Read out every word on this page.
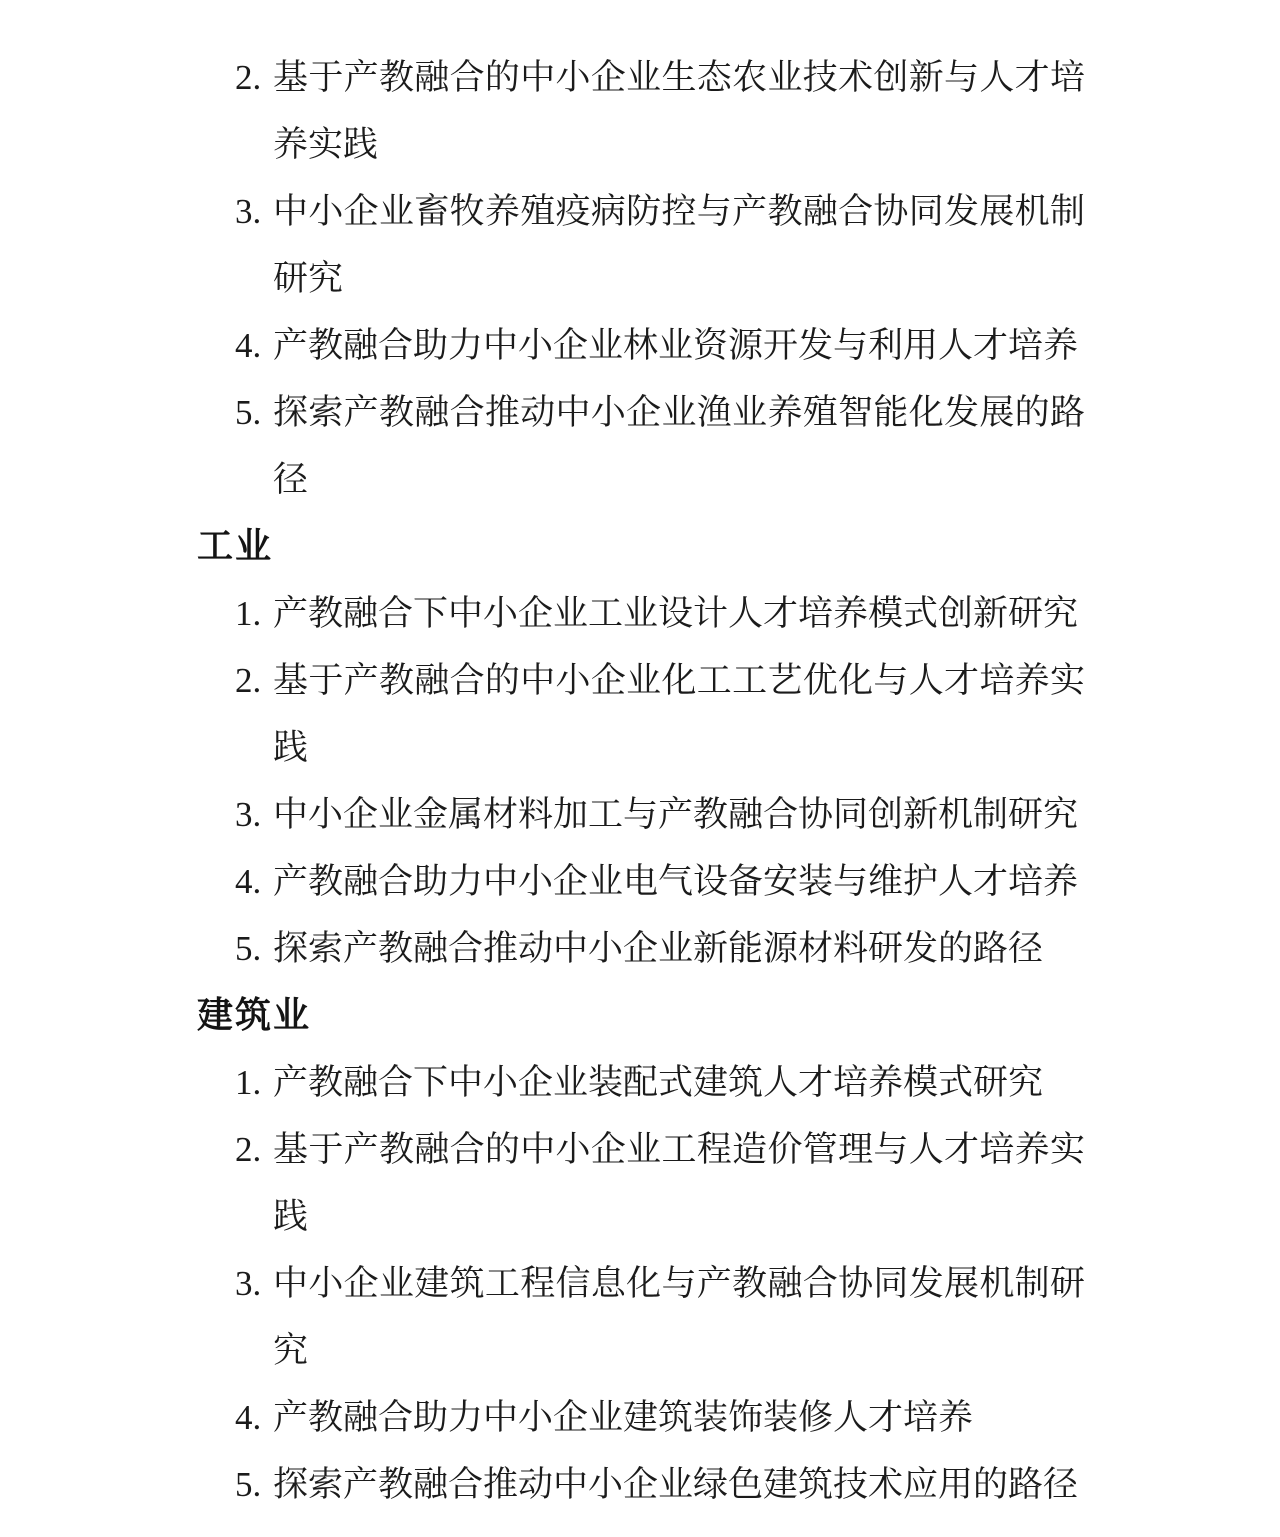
2. 基于产教融合的中小企业生态农业技术创新与人才培养实践
3. 中小企业畜牧养殖疫病防控与产教融合协同发展机制研究
4. 产教融合助力中小企业林业资源开发与利用人才培养
5. 探索产教融合推动中小企业渔业养殖智能化发展的路径
工业
1. 产教融合下中小企业工业设计人才培养模式创新研究
2. 基于产教融合的中小企业化工工艺优化与人才培养实践
3. 中小企业金属材料加工与产教融合协同创新机制研究
4. 产教融合助力中小企业电气设备安装与维护人才培养
5. 探索产教融合推动中小企业新能源材料研发的路径
建筑业
1. 产教融合下中小企业装配式建筑人才培养模式研究
2. 基于产教融合的中小企业工程造价管理与人才培养实践
3. 中小企业建筑工程信息化与产教融合协同发展机制研究
4. 产教融合助力中小企业建筑装饰装修人才培养
5. 探索产教融合推动中小企业绿色建筑技术应用的路径
